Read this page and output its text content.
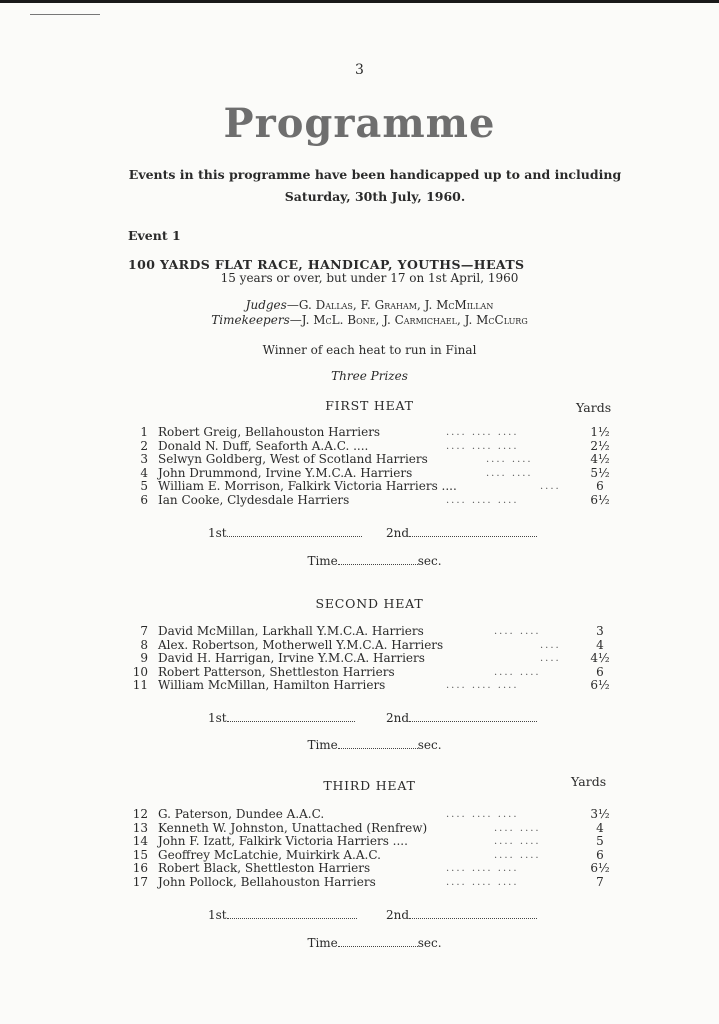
3
Programme
Events in this programme have been handicapped up to and including Saturday, 30th July, 1960.
Event 1
100 YARDS FLAT RACE, HANDICAP, YOUTHS—HEATS
15 years or over, but under 17 on 1st April, 1960
Judges—G. Dallas, F. Graham, J. McMillan
Timekeepers—J. McL. Bone, J. Carmichael, J. McClurg
Winner of each heat to run in Final
Three Prizes
FIRST HEAT	Yards
1 Robert Greig, Bellahouston Harriers	.... .... ....	1½
2 Donald N. Duff, Seaforth A.A.C. ....	.... .... ....	2½
3 Selwyn Goldberg, West of Scotland Harriers	.... ....	4½
4 John Drummond, Irvine Y.M.C.A. Harriers	.... ....	5½
5 William E. Morrison, Falkirk Victoria Harriers ....	....	6
6 Ian Cooke, Clydesdale Harriers	.... .... ....	6½
1st	2nd
Time	sec.
SECOND HEAT
7 David McMillan, Larkhall Y.M.C.A. Harriers	.... ....	3
8 Alex. Robertson, Motherwell Y.M.C.A. Harriers	....	4
9 David H. Harrigan, Irvine Y.M.C.A. Harriers	.... 4½
10 Robert Patterson, Shettleston Harriers	.... ....	6
11 William McMillan, Hamilton Harriers	.... .... ....	6½
1st	2nd
Time	sec.
THIRD HEAT	Yards
12 G. Paterson, Dundee A.A.C.	.... .... ....	3½
13 Kenneth W. Johnston, Unattached (Renfrew)	.... ....	4
14 John F. Izatt, Falkirk Victoria Harriers ....	.... ....	5
15 Geoffrey McLatchie, Muirkirk A.A.C.	.... ....	6
16 Robert Black, Shettleston Harriers	.... .... ....	6½
17 John Pollock, Bellahouston Harriers	.... .... ....	7
1st	2nd
Time	sec.
